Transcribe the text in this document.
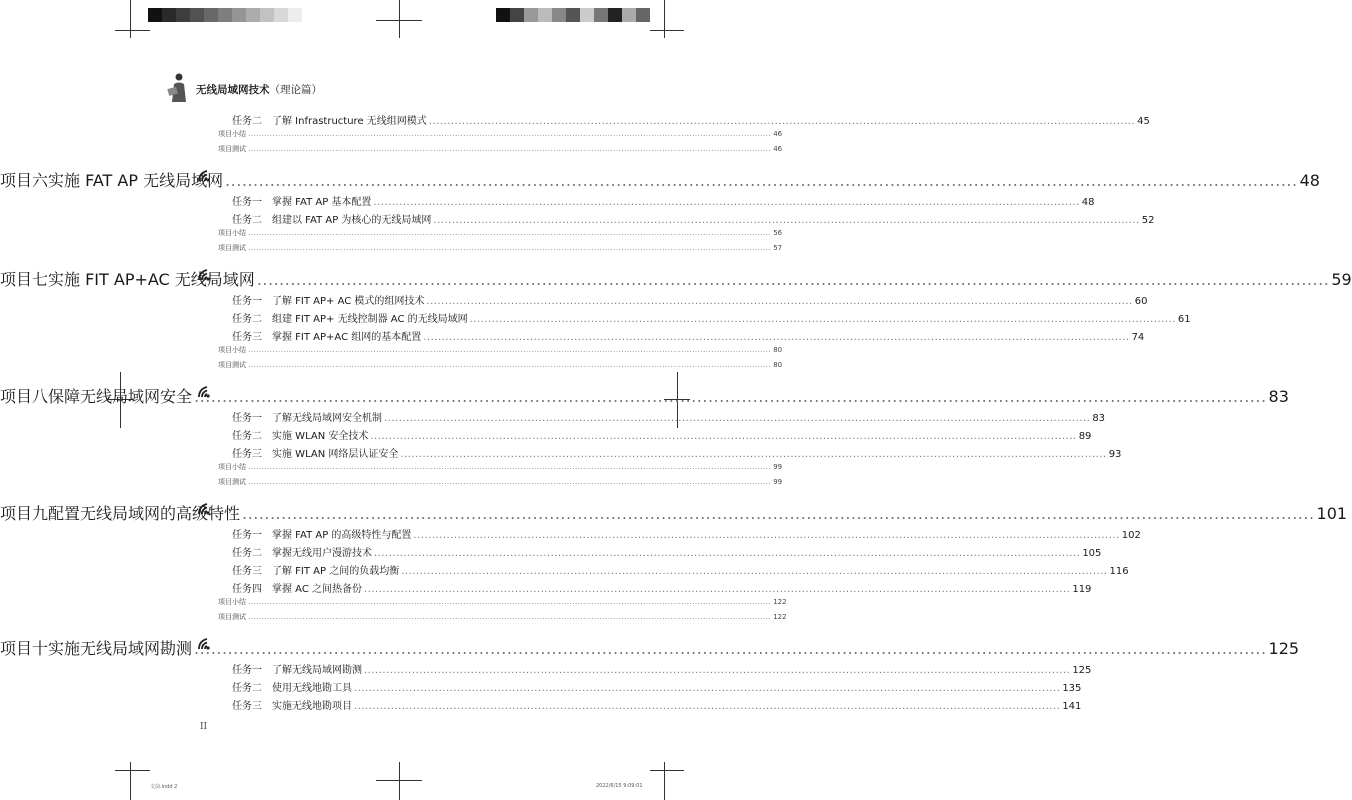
无线局域网技术（理论篇）
任务二 了解 Infrastructure 无线组网模式 .....	45
项目小结 .....	46
项目测试 .....	46
项目六实施 FAT AP 无线局域网 .....	48
任务一 掌握 FAT AP 基本配置 .....	48
任务二 组建以 FAT AP 为核心的无线局域网 .....	52
项目小结 .....	56
项目测试 .....	57
项目七实施 FIT AP+AC 无线局域网 .....	59
任务一 了解 FIT AP+ AC 模式的组网技术 .....	60
任务二 组建 FIT AP+ 无线控制器 AC 的无线局域网 .....	61
任务三 掌握 FIT AP+AC 组网的基本配置 .....	74
项目小结 .....	80
项目测试 .....	80
项目八保障无线局域网安全 .....	83
任务一 了解无线局域网安全机制 .....	83
任务二 实施 WLAN 安全技术 .....	89
任务三 实施 WLAN 网络层认证安全 .....	93
项目小结 .....	99
项目测试 .....	99
项目九配置无线局域网的高级特性 .....	101
任务一 掌握 FAT AP 的高级特性与配置 .....	102
任务二 掌握无线用户漫游技术 .....	105
任务三 了解 FIT AP 之间的负载均衡 .....	116
任务四 掌握 AC 之间热备份 .....	119
项目小结 .....	122
项目测试 .....	122
项目十实施无线局域网勘测 .....	125
任务一 了解无线局域网勘测 .....	125
任务二 使用无线地勘工具 .....	135
任务三 实施无线地勘项目 .....	141
II
文前.indd 2	2022/6/15 9:09:01
